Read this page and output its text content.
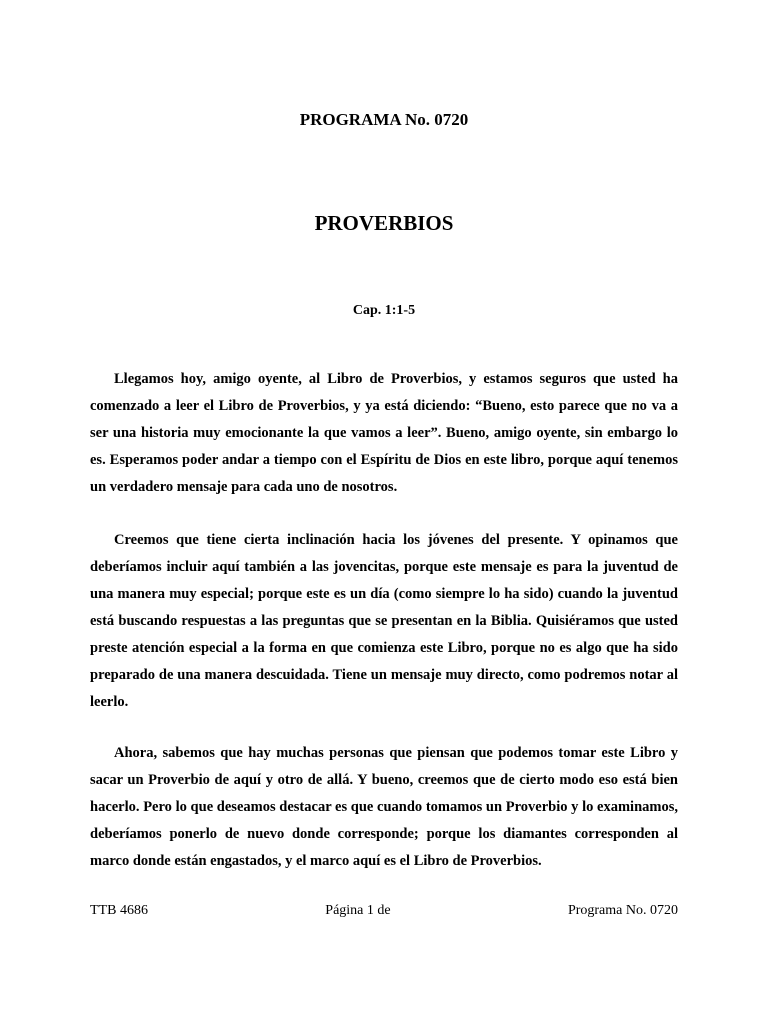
PROGRAMA No. 0720
PROVERBIOS
Cap. 1:1-5

Llegamos hoy, amigo oyente, al Libro de Proverbios, y estamos seguros que usted ha comenzado a leer el Libro de Proverbios, y ya está diciendo: “Bueno, esto parece que no va a ser una historia muy emocionante la que vamos a leer”. Bueno, amigo oyente, sin embargo lo es. Esperamos poder andar a tiempo con el Espíritu de Dios en este libro, porque aquí tenemos un verdadero mensaje para cada uno de nosotros.

Creemos que tiene cierta inclinación hacia los jóvenes del presente. Y opinamos que deberíamos incluir aquí también a las jovencitas, porque este mensaje es para la juventud de una manera muy especial; porque este es un día (como siempre lo ha sido) cuando la juventud está buscando respuestas a las preguntas que se presentan en la Biblia. Quisiéramos que usted preste atención especial a la forma en que comienza este Libro, porque no es algo que ha sido preparado de una manera descuidada. Tiene un mensaje muy directo, como podremos notar al leerlo.

Ahora, sabemos que hay muchas personas que piensan que podemos tomar este Libro y sacar un Proverbio de aquí y otro de allá. Y bueno, creemos que de cierto modo eso está bien hacerlo. Pero lo que deseamos destacar es que cuando tomamos un Proverbio y lo examinamos, deberíamos ponerlo de nuevo donde corresponde; porque los diamantes corresponden al marco donde están engastados, y el marco aquí es el Libro de Proverbios.

TTB 4686	Página 1 de	Programa No. 0720
